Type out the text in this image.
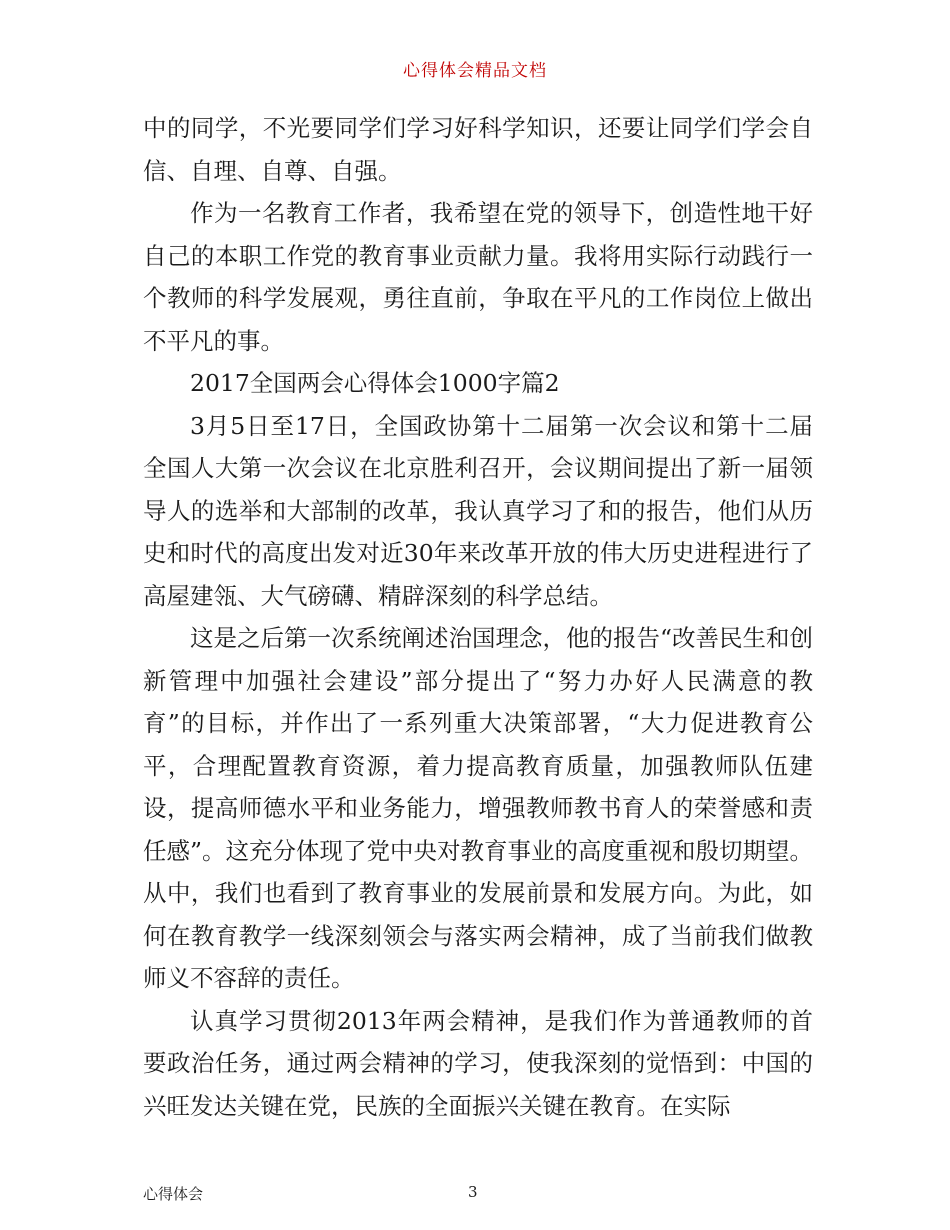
心得体会精品文档

中的同学，不光要同学们学习好科学知识，还要让同学们学会自信、自理、自尊、自强。

作为一名教育工作者，我希望在党的领导下，创造性地干好自己的本职工作党的教育事业贡献力量。我将用实际行动践行一个教师的科学发展观，勇往直前，争取在平凡的工作岗位上做出不平凡的事。

2017全国两会心得体会1000字篇2

3月5日至17日，全国政协第十二届第一次会议和第十二届全国人大第一次会议在北京胜利召开，会议期间提出了新一届领导人的选举和大部制的改革，我认真学习了和的报告，他们从历史和时代的高度出发对近30年来改革开放的伟大历史进程进行了高屋建瓴、大气磅礴、精辟深刻的科学总结。

这是之后第一次系统阐述治国理念，他的报告“改善民生和创新管理中加强社会建设”部分提出了“努力办好人民满意的教育”的目标，并作出了一系列重大决策部署，“大力促进教育公平，合理配置教育资源，着力提高教育质量，加强教师队伍建设，提高师德水平和业务能力，增强教师教书育人的荣誉感和责任感”。这充分体现了党中央对教育事业的高度重视和殷切期望。从中，我们也看到了教育事业的发展前景和发展方向。为此，如何在教育教学一线深刻领会与落实两会精神，成了当前我们做教师义不容辞的责任。

认真学习贯彻2013年两会精神，是我们作为普通教师的首要政治任务，通过两会精神的学习，使我深刻的觉悟到：中国的兴旺发达关键在党，民族的全面振兴关键在教育。在实际

心得体会	3
